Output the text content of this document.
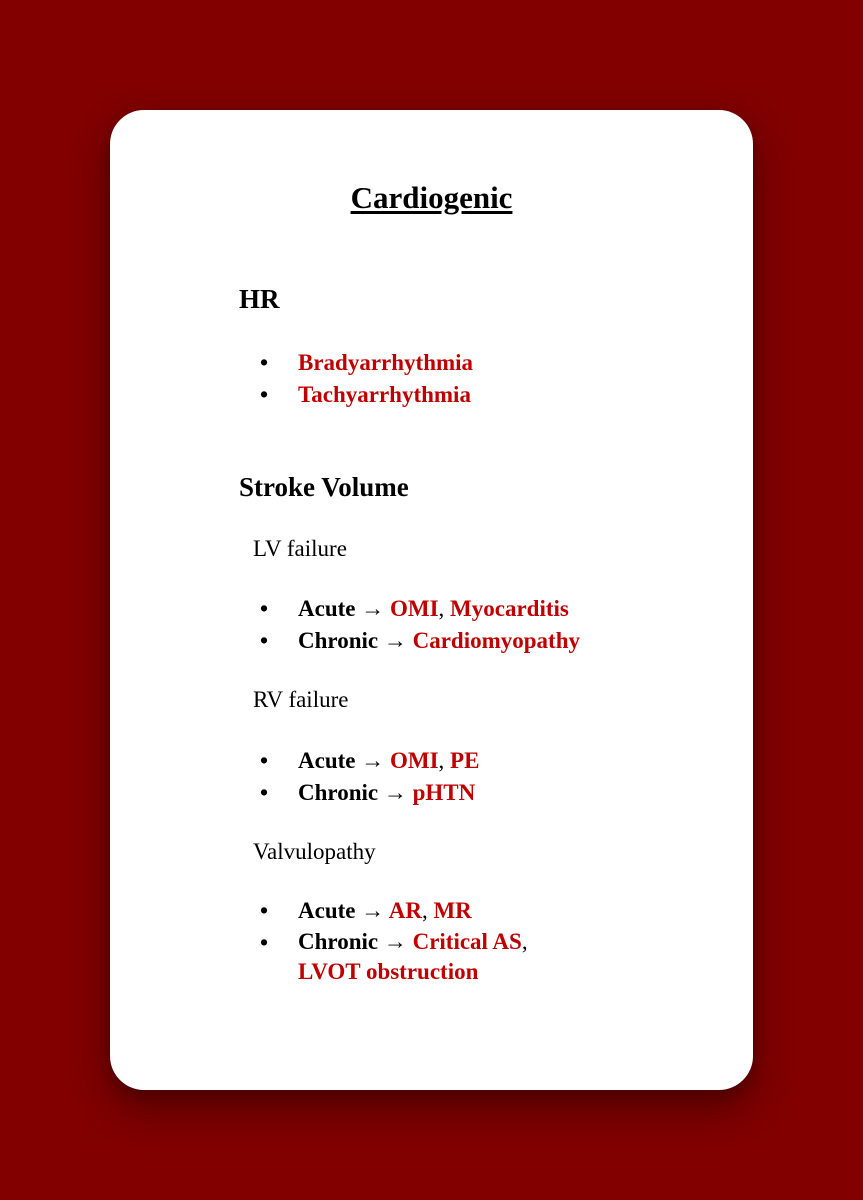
Cardiogenic
HR
• Bradyarrhythmia
• Tachyarrhythmia
Stroke Volume

LV failure

• Acute → OMI, Myocarditis
• Chronic → Cardiomyopathy

RV failure

• Acute → OMI, PE
• Chronic → pHTN

Valvulopathy

• Acute → AR, MR
• Chronic → Critical AS,
LVOT obstruction
